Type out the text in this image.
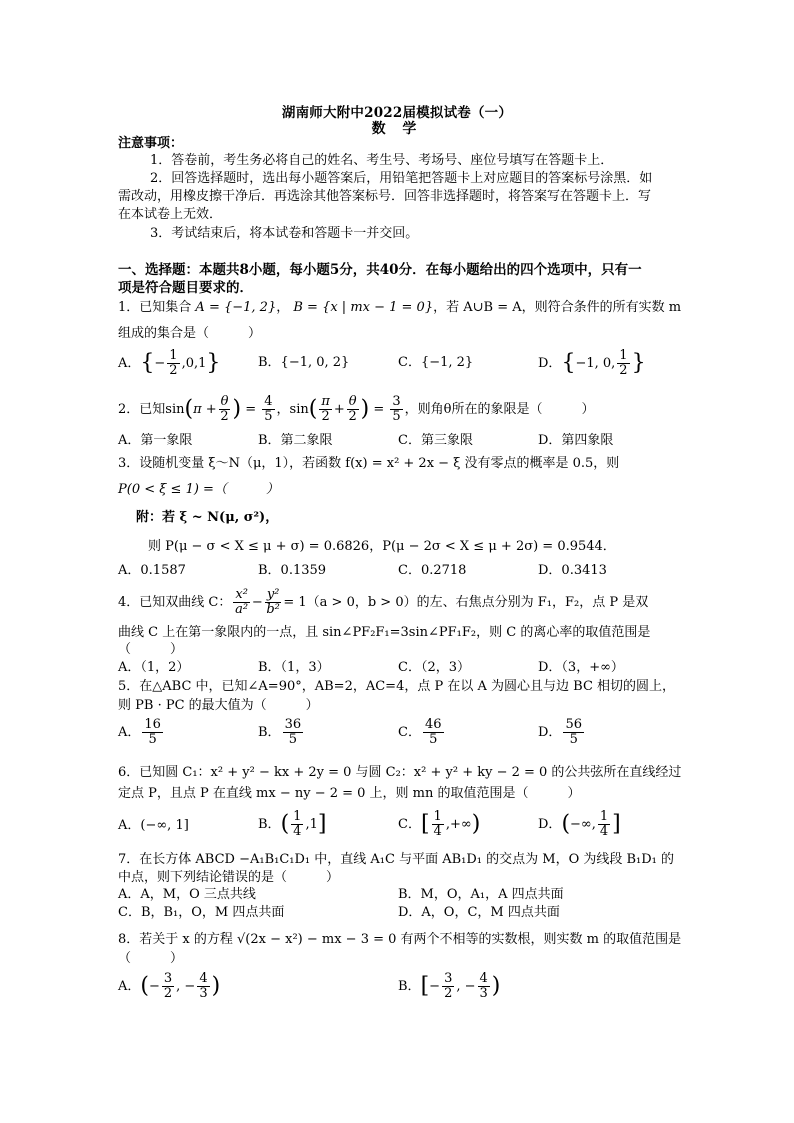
湖南师大附中2022届模拟试卷（一）
数 学
注意事项：
1．答卷前，考生务必将自己的姓名、考生号、考场号、座位号填写在答题卡上．
2．回答选择题时，选出每小题答案后，用铅笔把答题卡上对应题目的答案标号涂黑．如
需改动，用橡皮擦干净后．再选涂其他答案标号．回答非选择题时，将答案写在答题卡上．写
在本试卷上无效．
3．考试结束后，将本试卷和答题卡一并交回。
一、选择题：本题共8小题，每小题5分，共40分．在每小题给出的四个选项中，只有一
项是符合题目要求的．
1．已知集合 A = {−1, 2}， B = {x | mx − 1 = 0}，若 A∪B = A，则符合条件的所有实数 m
组成的集合是（　　　）
A．{− $\frac{1}{2} ,0,1$}	B．{−1, 0, 2}	C．{−1, 2}	D．{−1, 0, $\frac{1}{2}$ }
2．已知$\sin(\pi + \frac{\theta}{2}$ ) = $\frac{4}{5}$ ，$\sin( \frac{\pi}{2} + \frac{\theta}{2}$ ) = $\frac{3}{5}$ ，则角θ所在的象限是（　　　）
A．第一象限	B．第二象限	C．第三象限	D．第四象限
3．设随机变量 ξ～N（μ，1），若函数 f(x) = x² + 2x − ξ 没有零点的概率是 0.5，则
P(0 < ξ ≤ 1) =（　　　）
附：若 ξ ~ N(μ, σ²)，
则 P(μ − σ < X ≤ μ + σ) = 0.6826，P(μ − 2σ < X ≤ μ + 2σ) = 0.9544．
A．0.1587	B．0.1359	C．0.2718	D．0.3413
4．已知双曲线 C： $\frac{\text{x²}}{\text{a²}} - \frac{\text{y²}}{\text{b²}} = 1(a > 0$，b > 0）的左、右焦点分别为 F₁，F₂，点 P 是双
曲线 C 上在第一象限内的一点，且 sin∠PF₂F₁=3sin∠PF₁F₂，则 C 的离心率的取值范围是
（　　　）
A．（1，2）	B．（1，3）	C．（2，3）	D．（3，+∞）
5．在△ABC 中，已知∠A=90°，AB=2，AC=4，点 P 在以 A 为圆心且与边 BC 相切的圆上，
则 PB · PC 的最大值为（　　　）
A． $\frac{16}{5}$	B． $\frac{36}{5}$	C． $\frac{46}{5}$	D． $\frac{56}{5}$
6．已知圆 C₁：x² + y² − kx + 2y = 0 与圆 C₂：x² + y² + ky − 2 = 0 的公共弦所在直线经过
定点 P，且点 P 在直线 mx − ny − 2 = 0 上，则 mn 的取值范围是（　　　）
A．(−∞, 1]	B．( $\frac{1}{4} ,1$]	C．[ $\frac{1}{4}$ ,+∞)	D．(−∞, $\frac{1}{4}$ ]
7．在长方体 ABCD −A₁B₁C₁D₁ 中，直线 A₁C 与平面 AB₁D₁ 的交点为 M，O 为线段 B₁D₁ 的
中点，则下列结论错误的是（　　　）
A．A，M，O 三点共线	B．M，O，A₁，A 四点共面
C．B，B₁，O，M 四点共面	D．A，O，C，M 四点共面
8．若关于 x 的方程 √(2x − x²) − mx − 3 = 0 有两个不相等的实数根，则实数 m 的取值范围是
（　　　）
A．(− $\frac{3}{2}$ , − $\frac{4}{3}$ )	B．[− $\frac{3}{2}$ , − $\frac{4}{3}$ )
